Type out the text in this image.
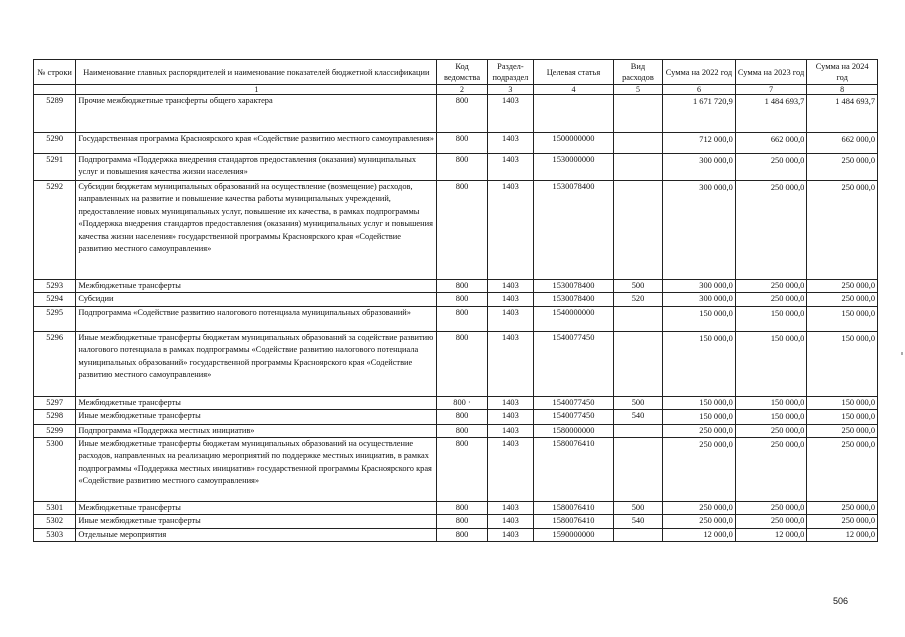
№ строки	Наименование главных распорядителей и наименование показателей бюджетной классификации	Код ведомства	Раздел-подраздел	Целевая статья	Вид расходов	Сумма на 2022 год	Сумма на 2023 год	Сумма на 2024 год
	1	2	3	4	5	6	7	8
5289	Прочие межбюджетные трансферты общего характера	800	1403			1 671 720,9	1 484 693,7	1 484 693,7
5290	Государственная программа Красноярского края «Содействие развитию местного самоуправления»	800	1403	1500000000		712 000,0	662 000,0	662 000,0
5291	Подпрограмма «Поддержка внедрения стандартов предоставления (оказания) муниципальных услуг и повышения качества жизни населения»	800	1403	1530000000		300 000,0	250 000,0	250 000,0
5292	Субсидии бюджетам муниципальных образований на осуществление (возмещение) расходов, направленных на развитие и повышение качества работы муниципальных учреждений, предоставление новых муниципальных услуг, повышение их качества, в рамках подпрограммы «Поддержка внедрения стандартов предоставления (оказания) муниципальных услуг и повышения качества жизни населения» государственной программы Красноярского края «Содействие развитию местного самоуправления»	800	1403	1530078400		300 000,0	250 000,0	250 000,0
5293	Межбюджетные трансферты	800	1403	1530078400	500	300 000,0	250 000,0	250 000,0
5294	Субсидии	800	1403	1530078400	520	300 000,0	250 000,0	250 000,0
5295	Подпрограмма «Содействие развитию налогового потенциала муниципальных образований»	800	1403	1540000000		150 000,0	150 000,0	150 000,0
5296	Иные межбюджетные трансферты бюджетам муниципальных образований за содействие развитию налогового потенциала в рамках подпрограммы «Содействие развитию налогового потенциала муниципальных образований» государственной программы Красноярского края «Содействие развитию местного самоуправления»	800	1403	1540077450		150 000,0	150 000,0	150 000,0
5297	Межбюджетные трансферты	800 ·	1403	1540077450	500	150 000,0	150 000,0	150 000,0
5298	Иные межбюджетные трансферты	800	1403	1540077450	540	150 000,0	150 000,0	150 000,0
5299	Подпрограмма «Поддержка местных инициатив»	800	1403	1580000000		250 000,0	250 000,0	250 000,0
5300	Иные межбюджетные трансферты бюджетам муниципальных образований на осуществление расходов, направленных на реализацию мероприятий по поддержке местных инициатив, в рамках подпрограммы «Поддержка местных инициатив» государственной программы Красноярского края «Содействие развитию местного самоуправления»	800	1403	1580076410		250 000,0	250 000,0	250 000,0
5301	Межбюджетные трансферты	800	1403	1580076410	500	250 000,0	250 000,0	250 000,0
5302	Иные межбюджетные трансферты	800	1403	1580076410	540	250 000,0	250 000,0	250 000,0
5303	Отдельные мероприятия	800	1403	1590000000		12 000,0	12 000,0	12 000,0
506
